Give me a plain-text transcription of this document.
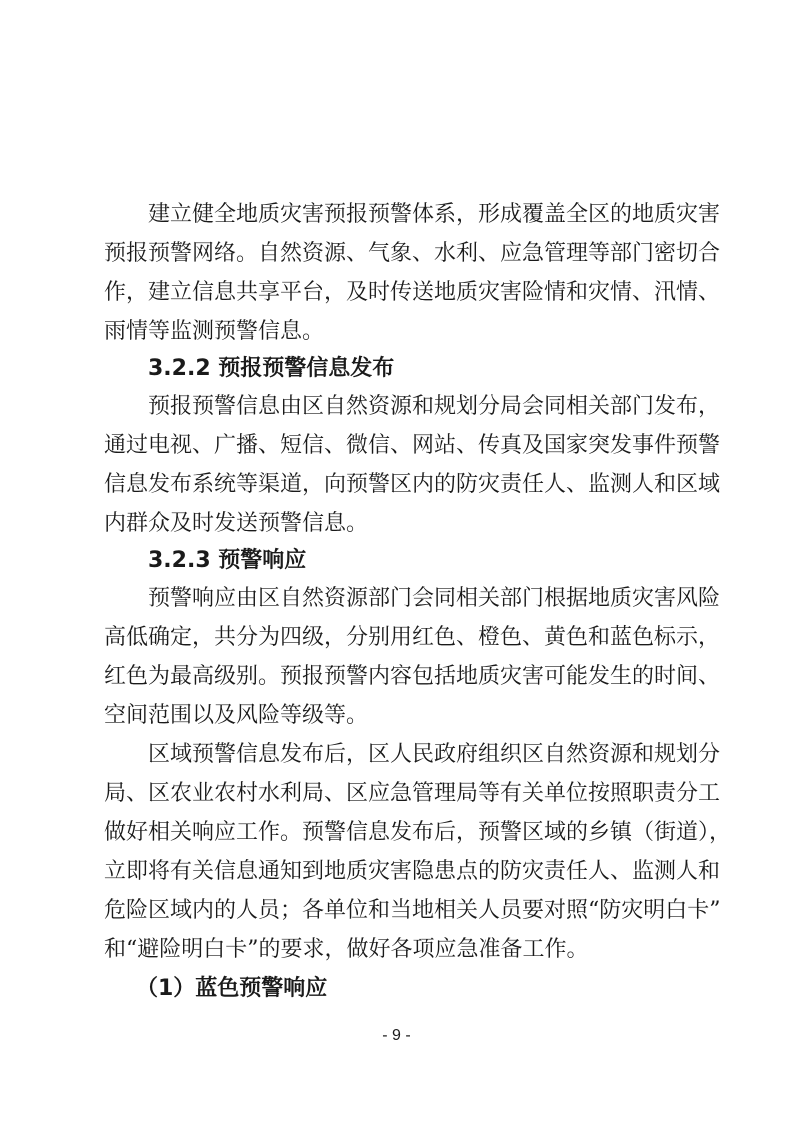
建立健全地质灾害预报预警体系，形成覆盖全区的地质灾害
预报预警网络。自然资源、气象、水利、应急管理等部门密切合
作，建立信息共享平台，及时传送地质灾害险情和灾情、汛情、
雨情等监测预警信息。
3.2.2 预报预警信息发布
预报预警信息由区自然资源和规划分局会同相关部门发布，
通过电视、广播、短信、微信、网站、传真及国家突发事件预警
信息发布系统等渠道，向预警区内的防灾责任人、监测人和区域
内群众及时发送预警信息。
3.2.3 预警响应
预警响应由区自然资源部门会同相关部门根据地质灾害风险
高低确定，共分为四级，分别用红色、橙色、黄色和蓝色标示，
红色为最高级别。预报预警内容包括地质灾害可能发生的时间、
空间范围以及风险等级等。
区域预警信息发布后，区人民政府组织区自然资源和规划分
局、区农业农村水利局、区应急管理局等有关单位按照职责分工
做好相关响应工作。预警信息发布后，预警区域的乡镇（街道），
立即将有关信息通知到地质灾害隐患点的防灾责任人、监测人和
危险区域内的人员；各单位和当地相关人员要对照“防灾明白卡”
和“避险明白卡”的要求，做好各项应急准备工作。
（1）蓝色预警响应
- 9 -
